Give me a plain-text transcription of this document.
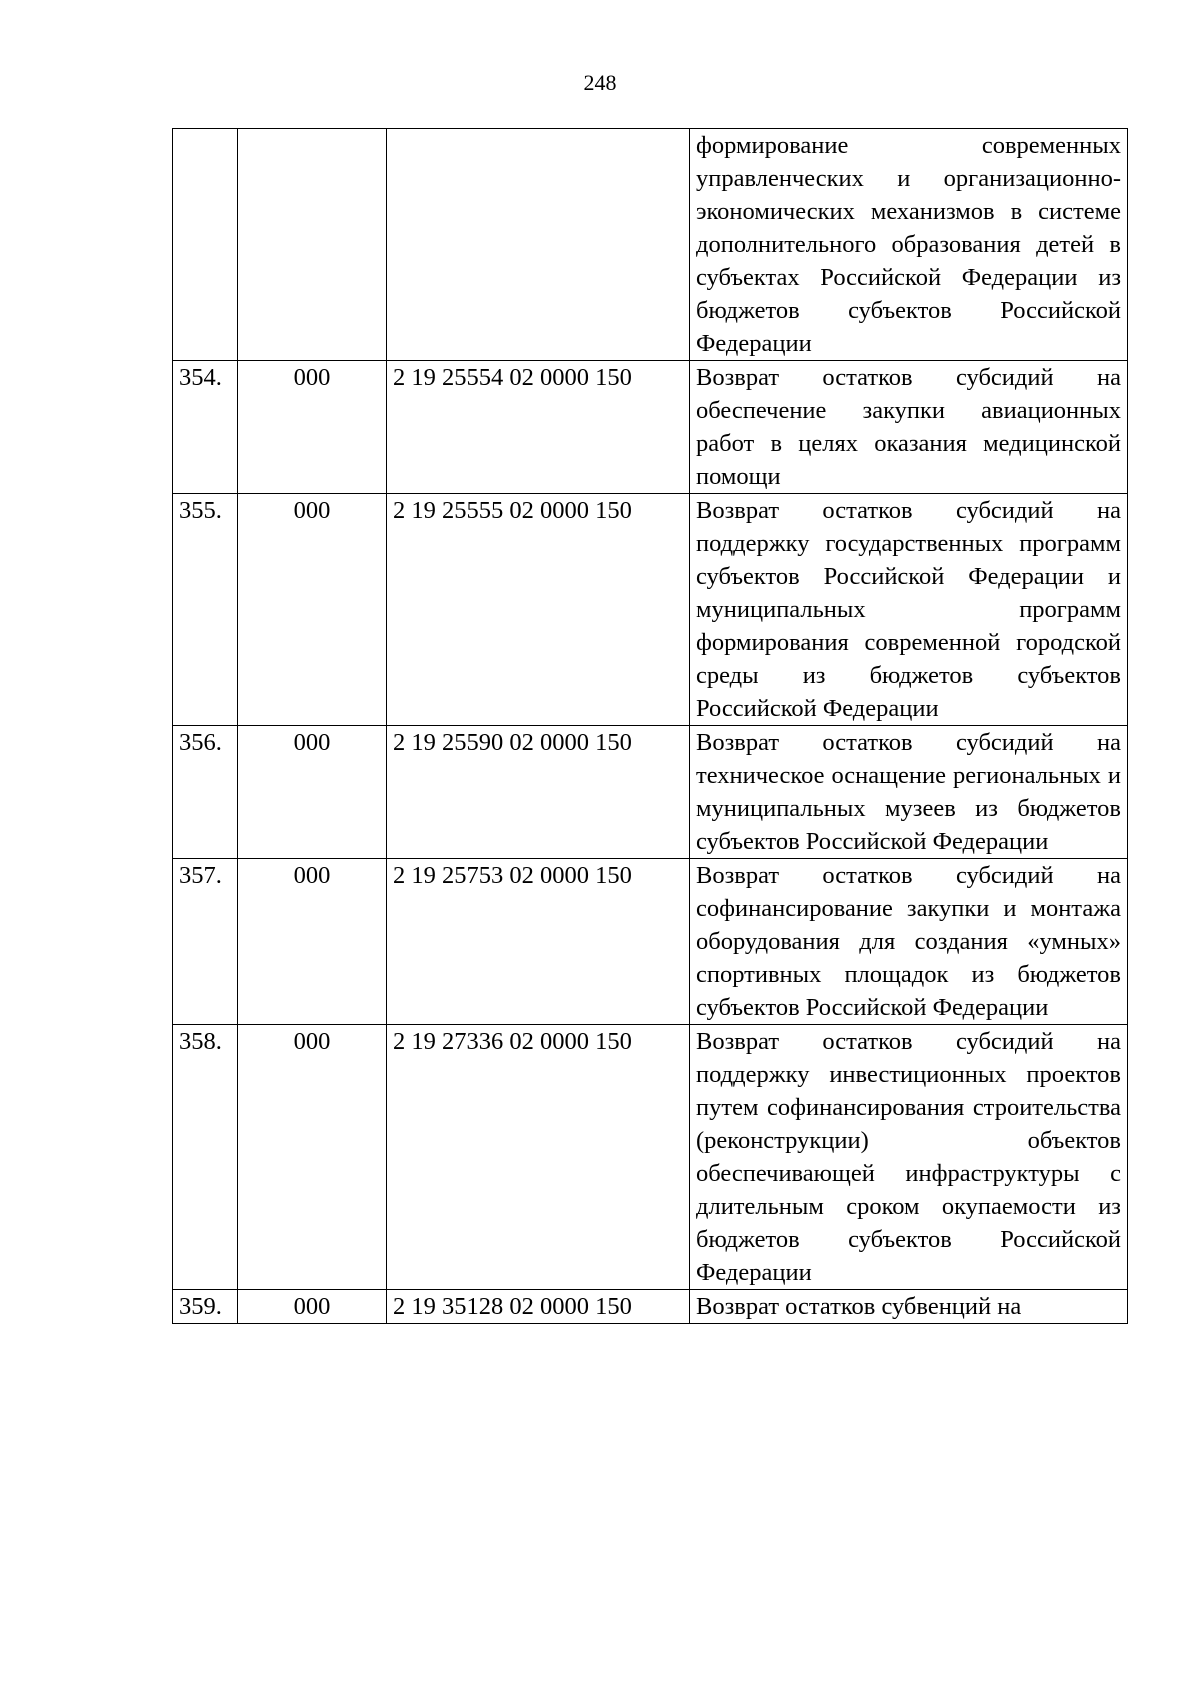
248
			формирование современных управленческих и организационно-экономических механизмов в системе дополнительного образования детей в субъектах Российской Федерации из бюджетов субъектов Российской Федерации
354.	000	2 19 25554 02 0000 150	Возврат остатков субсидий на обеспечение закупки авиационных работ в целях оказания медицинской помощи
355.	000	2 19 25555 02 0000 150	Возврат остатков субсидий на поддержку государственных программ субъектов Российской Федерации и муниципальных программ формирования современной городской среды из бюджетов субъектов Российской Федерации
356.	000	2 19 25590 02 0000 150	Возврат остатков субсидий на техническое оснащение региональных и муниципальных музеев из бюджетов субъектов Российской Федерации
357.	000	2 19 25753 02 0000 150	Возврат остатков субсидий на софинансирование закупки и монтажа оборудования для создания «умных» спортивных площадок из бюджетов субъектов Российской Федерации
358.	000	2 19 27336 02 0000 150	Возврат остатков субсидий на поддержку инвестиционных проектов путем софинансирования строительства (реконструкции) объектов обеспечивающей инфраструктуры с длительным сроком окупаемости из бюджетов субъектов Российской Федерации
359.	000	2 19 35128 02 0000 150	Возврат остатков субвенций на
